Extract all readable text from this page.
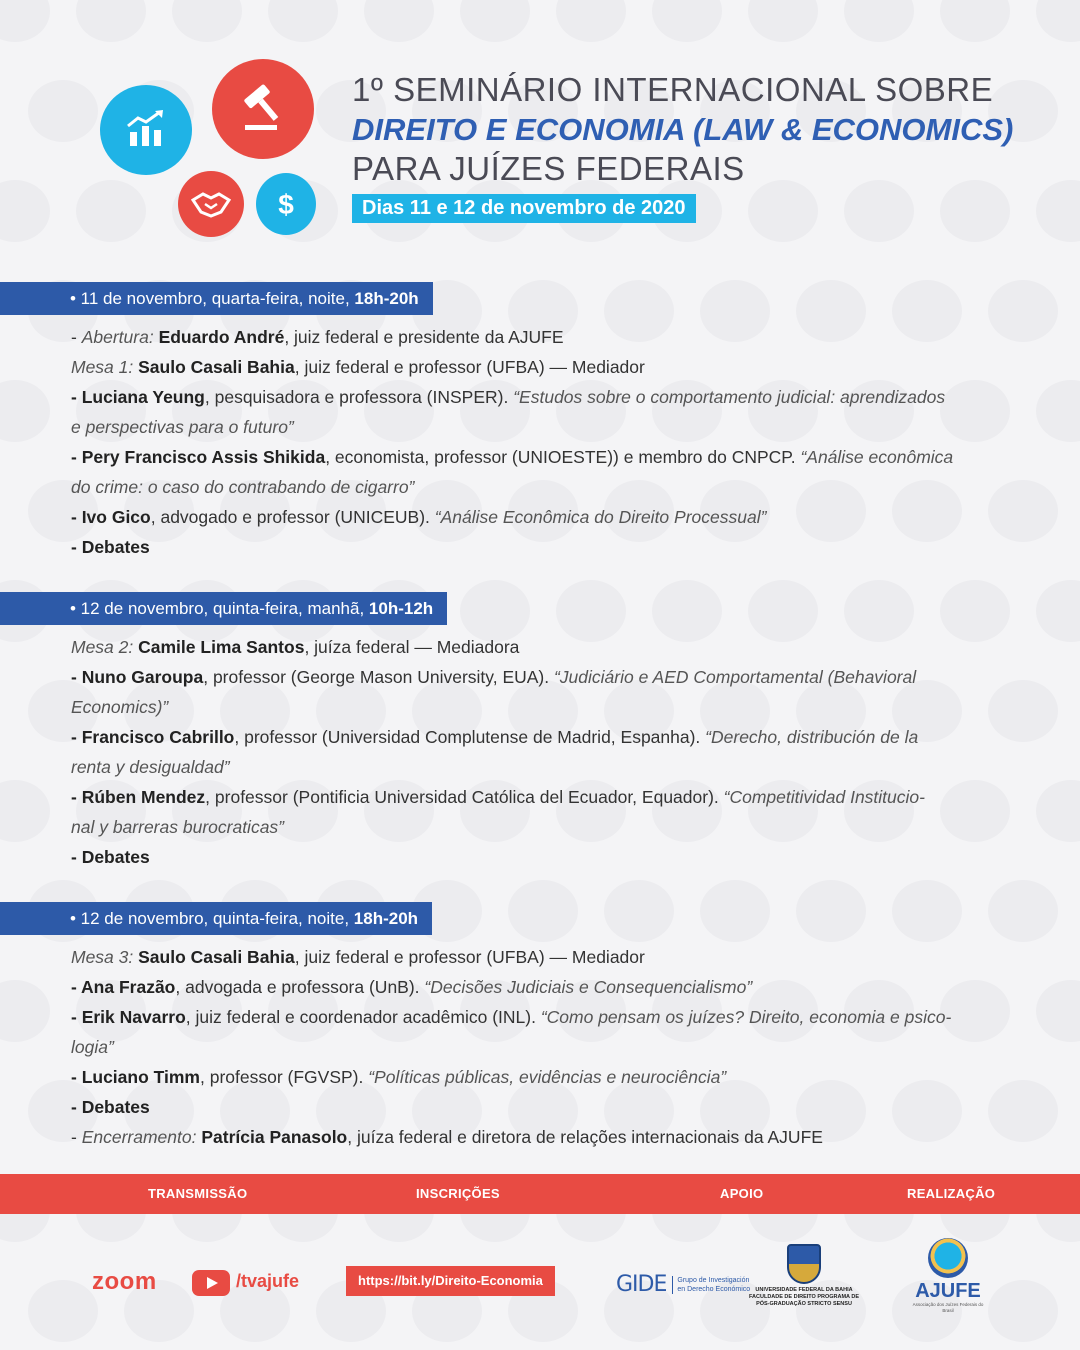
$
1º SEMINÁRIO INTERNACIONAL SOBRE
DIREITO E ECONOMIA (LAW & ECONOMICS)
PARA JUÍZES FEDERAIS
Dias 11 e 12 de novembro de 2020
• 11 de novembro, quarta-feira, noite, 18h-20h
- Abertura: Eduardo André, juiz federal e presidente da AJUFE
Mesa 1: Saulo Casali Bahia, juiz federal e professor (UFBA) — Mediador
- Luciana Yeung, pesquisadora e professora (INSPER). “Estudos sobre o comportamento judicial: aprendizados
e perspectivas para o futuro”
- Pery Francisco Assis Shikida, economista, professor (UNIOESTE)) e membro do CNPCP. “Análise econômica
do crime: o caso do contrabando de cigarro”
- Ivo Gico, advogado e professor (UNICEUB). “Análise Econômica do Direito Processual”
- Debates
• 12 de novembro, quinta-feira, manhã, 10h-12h
Mesa 2: Camile Lima Santos, juíza federal — Mediadora
- Nuno Garoupa, professor (George Mason University, EUA). “Judiciário e AED Comportamental (Behavioral
Economics)”
- Francisco Cabrillo, professor (Universidad Complutense de Madrid, Espanha). “Derecho, distribución de la
renta y desigualdad”
- Rúben Mendez, professor (Pontificia Universidad Católica del Ecuador, Equador). “Competitividad Institucio-
nal y barreras burocraticas”
- Debates
• 12 de novembro, quinta-feira, noite, 18h-20h
Mesa 3: Saulo Casali Bahia, juiz federal e professor (UFBA) — Mediador
- Ana Frazão, advogada e professora (UnB). “Decisões Judiciais e Consequencialismo”
- Erik Navarro, juiz federal e coordenador acadêmico (INL). “Como pensam os juízes? Direito, economia e psico-
logia”
- Luciano Timm, professor (FGVSP). “Políticas públicas, evidências e neurociência”
- Debates
- Encerramento: Patrícia Panasolo, juíza federal e diretora de relações internacionais da AJUFE
TRANSMISSÃO	INSCRIÇÕES	APOIO	REALIZAÇÃO
zoom	/tvajufe	https://bit.ly/Direito-Economia	GIDE	Grupo de Investigación en Derecho Económico UNIVERSIDADE FEDERAL DA BAHIA FACULDADE DE DIREITO PROGRAMA DE PÓS-GRADUAÇÃO STRICTO SENSU
AJUFE
Associação dos Juízes Federais do Brasil
